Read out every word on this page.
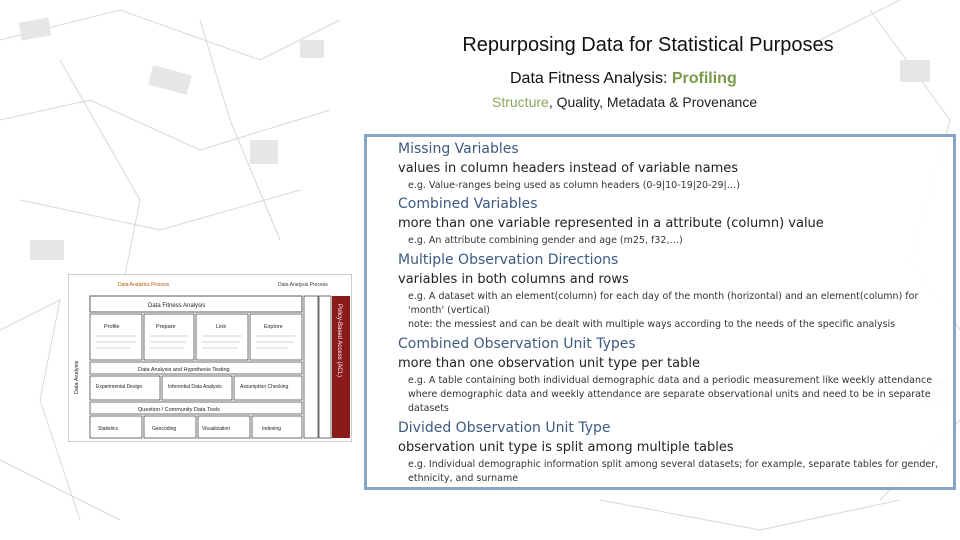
Repurposing Data for Statistical Purposes
Data Fitness Analysis: Profiling
Structure, Quality, Metadata & Provenance
Missing Variables
values in column headers instead of variable names
e.g. Value-ranges being used as column headers (0-9|10-19|20-29|…)
Combined Variables
more than one variable represented in a attribute (column) value
e.g. An attribute combining gender and age (m25, f32,…)
Multiple Observation Directions
variables in both columns and rows
e.g. A dataset with an element(column) for each day of the month (horizontal) and an element(column) for 'month' (vertical)
note: the messiest and can be dealt with multiple ways according to the needs of the specific analysis
Combined Observation Unit Types
more than one observation unit type per table
e.g. A table containing both individual demographic data and a periodic measurement like weekly attendance where demographic data and weekly attendance are separate observational units and need to be in separate datasets
Divided Observation Unit Type
observation unit type is split among multiple tables
e.g. Individual demographic information split among several datasets; for example, separate tables for gender, ethnicity, and surname
Data Analytics Process	Data Analysis Process
Data Fitness Analysis
Profile	Prepare	Link	Explore
Data Analysis and Hypothesis Testing
Experimental Design	Inferential Data Analysis	Assumption Checking
Question / Community Data Tools
Statistics	Geocoding	Visualization	Indexing
Data Analysis
Policy-Based Access (ACL)
